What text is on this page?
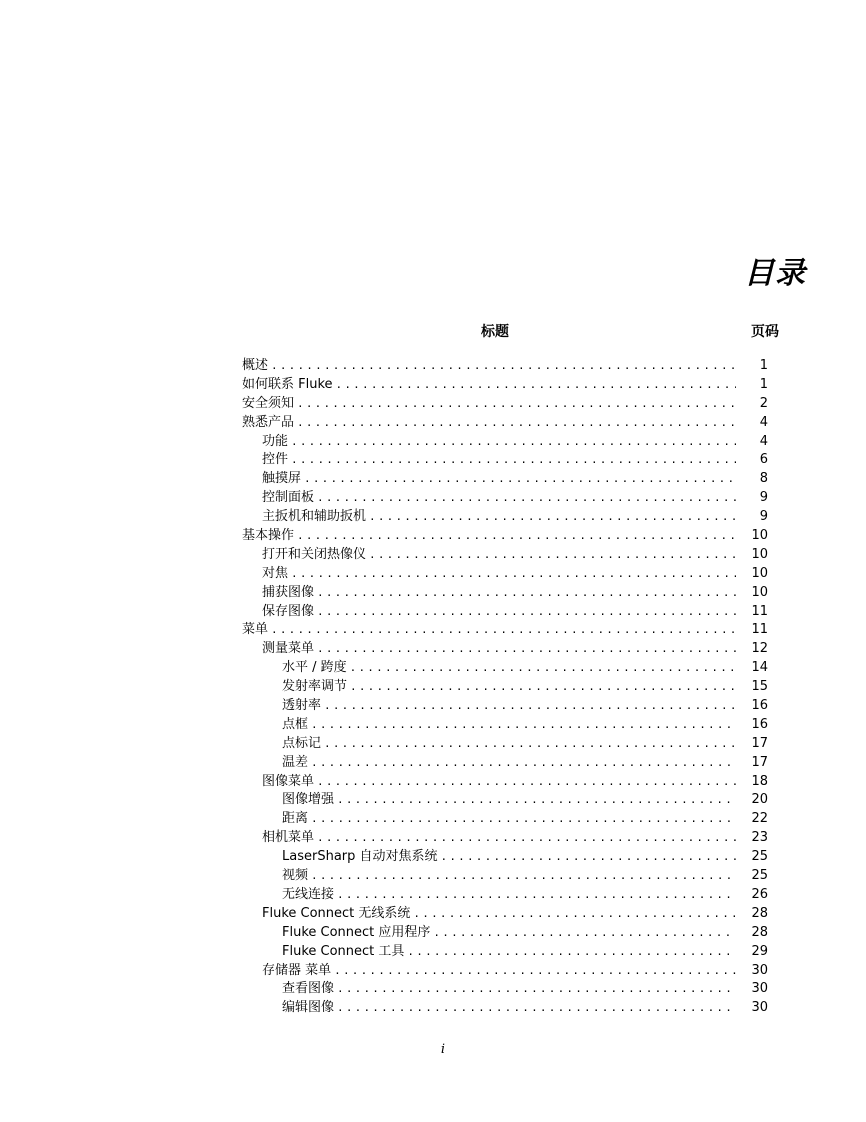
目录
标题	页码
概述 .....	1
如何联系 Fluke .....	1
安全须知 .....	2
熟悉产品 .....	4
功能 .....	4
控件 .....	6
触摸屏 .....	8
控制面板 .....	9
主扳机和辅助扳机 .....	9
基本操作 .....	10
打开和关闭热像仪 .....	10
对焦 .....	10
捕获图像 .....	10
保存图像 .....	11
菜单 .....	11
测量菜单 .....	12
水平 / 跨度 .....	14
发射率调节 .....	15
透射率 .....	16
点框 .....	16
点标记 .....	17
温差 .....	17
图像菜单 .....	18
图像增强 .....	20
距离 .....	22
相机菜单 .....	23
LaserSharp 自动对焦系统 .....	25
视频 .....	25
无线连接 .....	26
Fluke Connect 无线系统 .....	28
Fluke Connect 应用程序 .....	28
Fluke Connect 工具 .....	29
存储器 菜单 .....	30
查看图像 .....	30
编辑图像 .....	30
i
